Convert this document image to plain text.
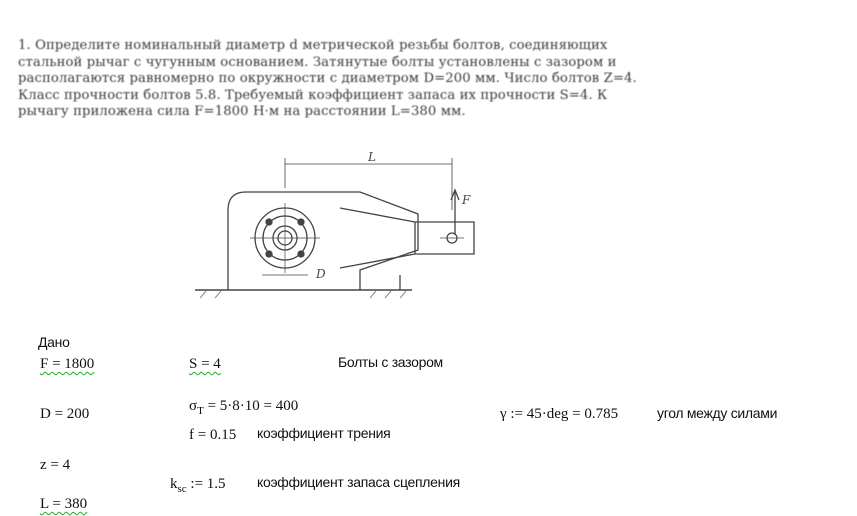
1. Определите номинальный диаметр d метрической резьбы болтов, соединяющих
стальной рычаг с чугунным основанием. Затянутые болты установлены с зазором и
располагаются равномерно по окружности с диаметром D=200 мм. Число болтов Z=4.
Класс прочности болтов 5.8. Требуемый коэффициент запаса их прочности S=4. К
рычагу приложена сила F=1800 Н·м на расстоянии L=380 мм.
L
F
D
Дано
F = 1800	S = 4	Болты с зазором
D = 200	$\sigma_T = 5\cdot 8\cdot 10 = 400$	γ := 45·deg = 0.785	угол между силами
f = 0.15 коэффициент трения
z = 4
$k_{sc}$ := 1.5 коэффициент запаса сцепления
L = 380
